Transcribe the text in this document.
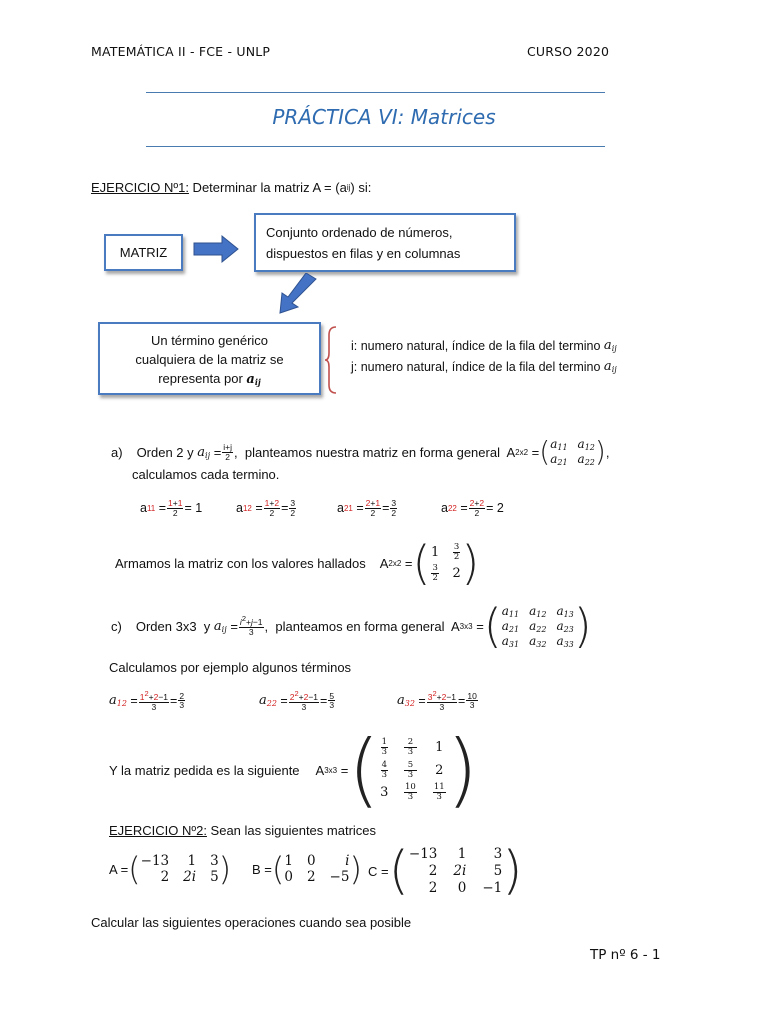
MATEMÁTICA II - FCE - UNLP	CURSO 2020
PRÁCTICA VI: Matrices
EJERCICIO Nº1: Determinar la matriz A = (a ij ) si:
MATRIZ
Conjunto ordenado de números,
dispuestos en filas y en columnas
Un término genérico
cualquiera de la matriz se
representa por $a_{ij}$
i: numero natural, índice de la fila del termino $a_{ij}$
j: numero natural, índice de la fila del termino $a_{ij}$
a) Orden 2 y $a_{ij} = \frac{i+j}{2}$ ,  planteamos nuestra matriz en forma general  A 2x2 = ( $a_{11}$ $a_{12}$
$a_{21}$ $a_{22}$ ) ,
calculamos cada termino.
a $11 = \frac{1+1}{2} = 1$	a $12 = \frac{1+2}{2} = \frac{3}{2}$	a $21 = \frac{2+1}{2} = \frac{3}{2}$	a $22 = \frac{2+2}{2} = 2$
Armamos la matriz con los valores hallados A 2x2 = ( $1 \frac{3}{2}$
$\frac{3}{2} 2$ )
c) Orden 3x3  y $a_{ij} = \frac{i2+j-1}{3}$ ,  planteamos en forma general  A 3x3 = ( $a_{11}$ $a_{12}$ $a_{13}$
$a_{21}$ $a_{22}$ $a_{23}$
$a_{31}$ $a_{32}$ $a_{33}$ )
Calculamos por ejemplo algunos términos
$a_{12} = \frac{12+2-1}{3} = \frac{2}{3}$	$a_{22} = \frac{22+2-1}{3} = \frac{5}{3}$	$a_{32} = \frac{32+2-1}{3} = \frac{10}{3}$
Y la matriz pedida es la siguiente A 3x3 = ( $\frac{1}{3} \frac{2}{3} 1$
$\frac{4}{3} \frac{5}{3} 2$
$3 \frac{10}{3} \frac{11}{3}$ )
EJERCICIO Nº2: Sean las siguientes matrices
A = ( −13	1 3
2 2i 5 ) B = ( 1 0	i
0 2 −5 ) C = ( −13	1	3
2 2i	5
2	0 −1 )
Calcular las siguientes operaciones cuando sea posible
TP nº 6 - 1
